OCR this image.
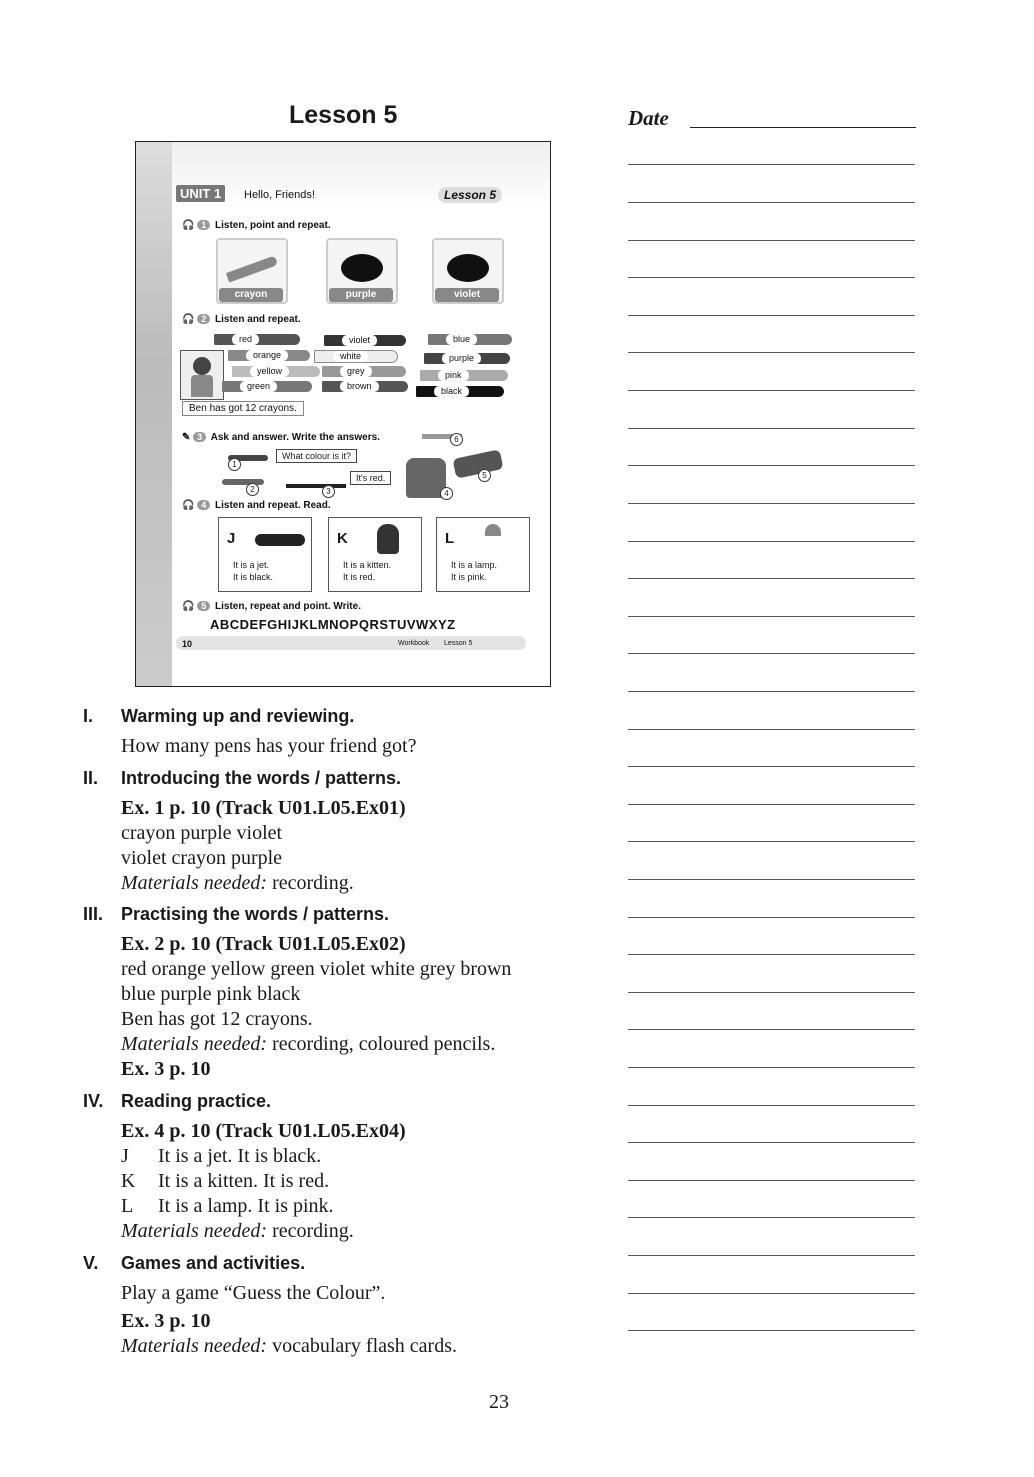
Lesson 5	Date
UNIT 1	Hello, Friends!	Lesson 5
🎧 1 Listen, point and repeat.
crayon	purple	violet
🎧 2 Listen and repeat.
red
orange
yellow
green
violet
white
grey
brown
blue
purple
pink
black
Ben has got 12 crayons.
✎ 3 Ask and answer. Write the answers.
What colour is it?
It's red.
1
2	3	4
5
6
🎧 4 Listen and repeat. Read.
J
It is a jet.
It is black.
K
It is a kitten.
It is red.
L
It is a lamp.
It is pink.
🎧 5 Listen, repeat and point. Write.
ABCDEFGHIJKLMNOPQRSTUVWXYZ
10	Workbook Lesson 5
I. Warming up and reviewing.
How many pens has your friend got?
II. Introducing the words / patterns.
Ex. 1 p. 10 (Track U01.L05.Ex01)
crayon purple violet
violet crayon purple
Materials needed: recording.
III. Practising the words / patterns.
Ex. 2 p. 10 (Track U01.L05.Ex02)
red orange yellow green violet white grey brown
blue purple pink black
Ben has got 12 crayons.
Materials needed: recording, coloured pencils.
Ex. 3 p. 10
IV. Reading practice.
Ex. 4 p. 10 (Track U01.L05.Ex04)
J It is a jet. It is black.
K It is a kitten. It is red.
L It is a lamp. It is pink.
Materials needed: recording.
V. Games and activities.
Play a game “Guess the Colour”.
Ex. 3 p. 10
Materials needed: vocabulary flash cards.
23
